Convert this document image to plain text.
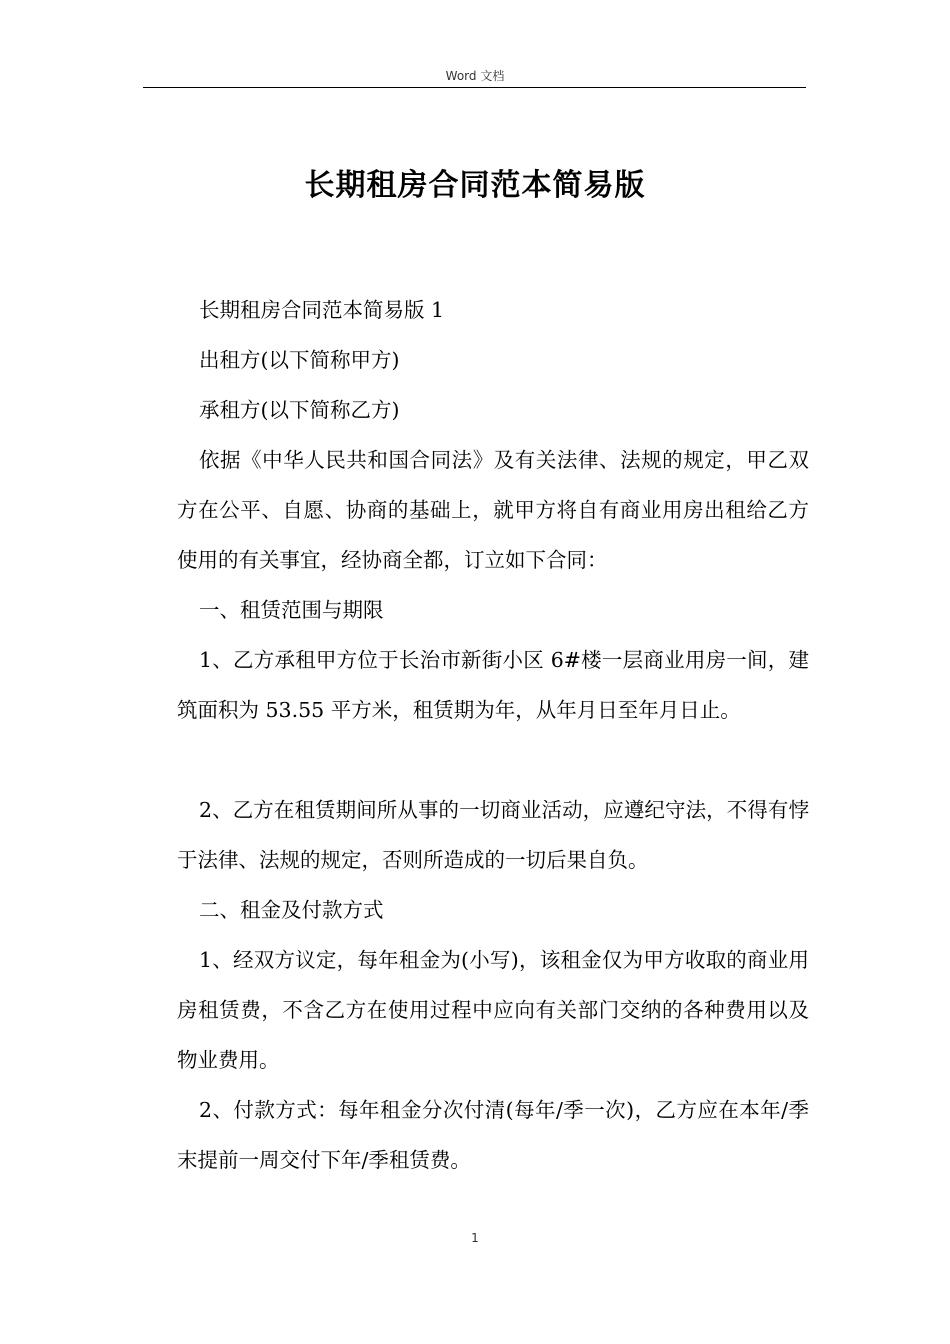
Word 文档
长期租房合同范本简易版

长期租房合同范本简易版 1

出租方(以下简称甲方)

承租方(以下简称乙方)

依据《中华人民共和国合同法》及有关法律、法规的规定，甲乙双方在公平、自愿、协商的基础上，就甲方将自有商业用房出租给乙方使用的有关事宜，经协商全都，订立如下合同：

一、租赁范围与期限

1、乙方承租甲方位于长治市新街小区 6#楼一层商业用房一间，建筑面积为 53.55 平方米，租赁期为年，从年月日至年月日止。

2、乙方在租赁期间所从事的一切商业活动，应遵纪守法，不得有悖于法律、法规的规定，否则所造成的一切后果自负。

二、租金及付款方式

1、经双方议定，每年租金为(小写)，该租金仅为甲方收取的商业用房租赁费，不含乙方在使用过程中应向有关部门交纳的各种费用以及物业费用。

2、付款方式：每年租金分次付清(每年/季一次)，乙方应在本年/季末提前一周交付下年/季租赁费。

1
